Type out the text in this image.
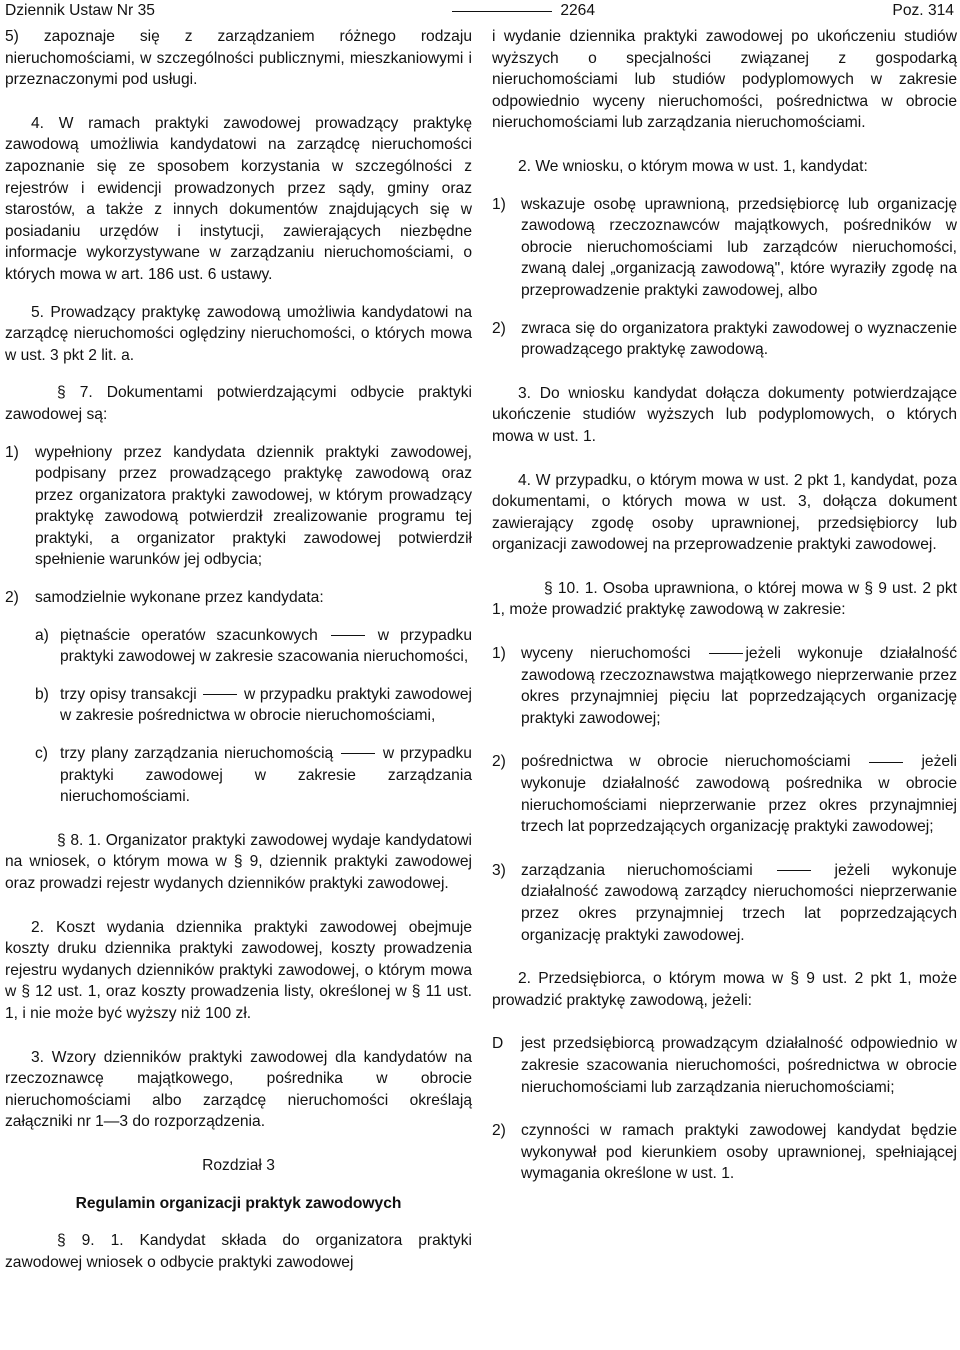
Dziennik Ustaw Nr 35	2264	Poz. 314
5) zapoznaje się z zarządzaniem różnego rodzaju nieruchomościami, w szczególności publicznymi, mieszkaniowymi i przeznaczonymi pod usługi.

4. W ramach praktyki zawodowej prowadzący praktykę zawodową umożliwia kandydatowi na zarządcę nieruchomości zapoznanie się ze sposobem korzystania w szczególności z rejestrów i ewidencji prowadzonych przez sądy, gminy oraz starostów, a także z innych dokumentów znajdujących się w posiadaniu urzędów i instytucji, zawierających niezbędne informacje wykorzystywane w zarządzaniu nieruchomościami, o których mowa w art. 186 ust. 6 ustawy.

5. Prowadzący praktykę zawodową umożliwia kandydatowi na zarządcę nieruchomości oględziny nieruchomości, o których mowa w ust. 3 pkt 2 lit. a.

§ 7. Dokumentami potwierdzającymi odbycie praktyki zawodowej są:

1)	wypełniony przez kandydata dziennik praktyki zawodowej, podpisany przez prowadzącego praktykę zawodową oraz przez organizatora praktyki zawodowej, w którym prowadzący praktykę zawodową potwierdził zrealizowanie programu tej praktyki, a organizator praktyki zawodowej potwierdził spełnienie warunków jej odbycia;
2)	samodzielnie wykonane przez kandydata:
a) piętnaście operatów szacunkowych	w przypadku praktyki zawodowej w zakresie szacowania nieruchomości,
b) trzy opisy transakcji	w przypadku praktyki zawodowej w zakresie pośrednictwa w obrocie nieruchomościami,
c) trzy plany zarządzania nieruchomością	w przypadku praktyki zawodowej w zakresie zarządzania nieruchomościami.

§ 8. 1. Organizator praktyki zawodowej wydaje kandydatowi na wniosek, o którym mowa w § 9, dziennik praktyki zawodowej oraz prowadzi rejestr wydanych dzienników praktyki zawodowej.

2. Koszt wydania dziennika praktyki zawodowej obejmuje koszty druku dziennika praktyki zawodowej, koszty prowadzenia rejestru wydanych dzienników praktyki zawodowej, o którym mowa w § 12 ust. 1, oraz koszty prowadzenia listy, określonej w § 11 ust. 1, i nie może być wyższy niż 100 zł.

3. Wzory dzienników praktyki zawodowej dla kandydatów na rzeczoznawcę majątkowego, pośrednika w obrocie nieruchomościami albo zarządcę nieruchomości określają załączniki nr 1—3 do rozporządzenia.

Rozdział 3

Regulamin organizacji praktyk zawodowych

§ 9. 1. Kandydat składa do organizatora praktyki zawodowej wniosek o odbycie praktyki zawodowej

i wydanie dziennika praktyki zawodowej po ukończeniu studiów wyższych o specjalności związanej z gospodarką nieruchomościami lub studiów podyplomowych w zakresie odpowiednio wyceny nieruchomości, pośrednictwa w obrocie nieruchomościami lub zarządzania nieruchomościami.

2. We wniosku, o którym mowa w ust. 1, kandydat:

1) wskazuje osobę uprawnioną, przedsiębiorcę lub organizację zawodową rzeczoznawców majątkowych, pośredników w obrocie nieruchomościami lub zarządców nieruchomości, zwaną dalej „organizacją zawodową", które wyraziły zgodę na przeprowadzenie praktyki zawodowej, albo
2) zwraca się do organizatora praktyki zawodowej o wyznaczenie prowadzącego praktykę zawodową.

3. Do wniosku kandydat dołącza dokumenty potwierdzające ukończenie studiów wyższych lub podyplomowych, o których mowa w ust. 1.

4. W przypadku, o którym mowa w ust. 2 pkt 1, kandydat, poza dokumentami, o których mowa w ust. 3, dołącza dokument zawierający zgodę osoby uprawnionej, przedsiębiorcy lub organizacji zawodowej na przeprowadzenie praktyki zawodowej.

§ 10. 1. Osoba uprawniona, o której mowa w § 9 ust. 2 pkt 1, może prowadzić praktykę zawodową w zakresie:

1) wyceny nieruchomości	jeżeli wykonuje działalność zawodową rzeczoznawstwa majątkowego nieprzerwanie przez okres przynajmniej pięciu lat poprzedzających organizację praktyki zawodowej;
2) pośrednictwa w obrocie nieruchomościami	jeżeli wykonuje działalność zawodową pośrednika w obrocie nieruchomościami nieprzerwanie przez okres przynajmniej trzech lat poprzedzających organizację praktyki zawodowej;
3) zarządzania nieruchomościami	jeżeli wykonuje działalność zawodową zarządcy nieruchomości nieprzerwanie przez okres przynajmniej trzech lat poprzedzających organizację praktyki zawodowej.

2. Przedsiębiorca, o którym mowa w § 9 ust. 2 pkt 1, może prowadzić praktykę zawodową, jeżeli:

D	jest przedsiębiorcą prowadzącym działalność odpowiednio w zakresie szacowania nieruchomości, pośrednictwa w obrocie nieruchomościami lub zarządzania nieruchomościami;
2) czynności w ramach praktyki zawodowej kandydat będzie wykonywał pod kierunkiem osoby uprawnionej, spełniającej wymagania określone w ust. 1.
